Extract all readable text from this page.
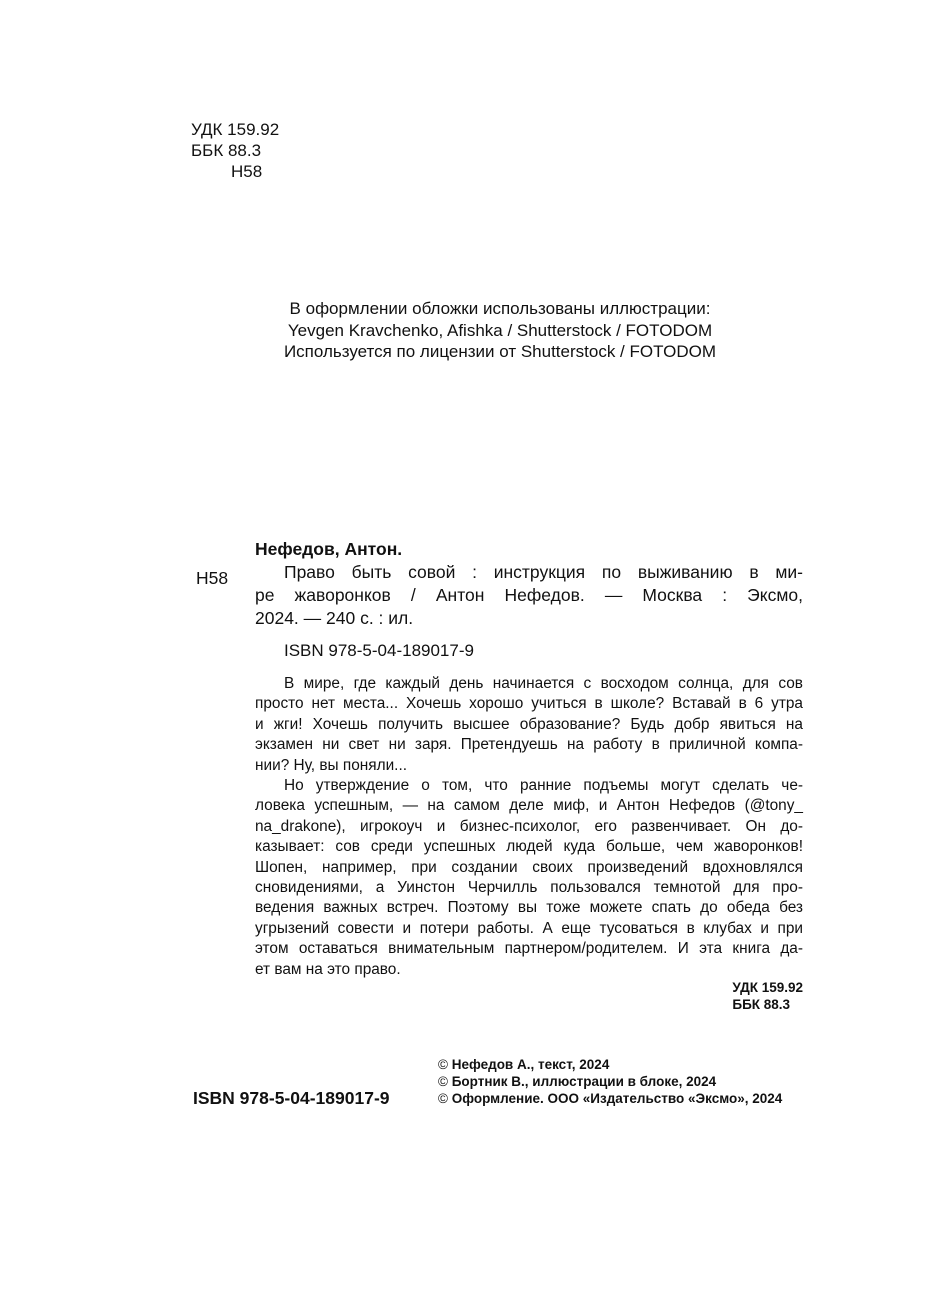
УДК 159.92
ББК 88.3
Н58
В оформлении обложки использованы иллюстрации:
Yevgen Kravchenko, Afishka / Shutterstock / FOTODOM
Используется по лицензии от Shutterstock / FOTODOM
Н58
Нефедов, Антон.
Право быть совой : инструкция по выживанию в ми-
ре жаворонков / Антон Нефедов. — Москва : Эксмо,
2024. — 240 с. : ил.
ISBN 978-5-04-189017-9
В мире, где каждый день начинается с восходом солнца, для сов
просто нет места... Хочешь хорошо учиться в школе? Вставай в 6 утра
и жги! Хочешь получить высшее образование? Будь добр явиться на
экзамен ни свет ни заря. Претендуешь на работу в приличной компа-
нии? Ну, вы поняли...
Но утверждение о том, что ранние подъемы могут сделать че-
ловека успешным, — на самом деле миф, и Антон Нефедов (@tony_
na_drakone), игрокоуч и бизнес-психолог, его развенчивает. Он до-
казывает: сов среди успешных людей куда больше, чем жаворонков!
Шопен, например, при создании своих произведений вдохновлялся
сновидениями, а Уинстон Черчилль пользовался темнотой для про-
ведения важных встреч. Поэтому вы тоже можете спать до обеда без
угрызений совести и потери работы. А еще тусоваться в клубах и при
этом оставаться внимательным партнером/родителем. И эта книга да-
ет вам на это право.
УДК 159.92
ББК 88.3
ISBN 978-5-04-189017-9
© Нефедов А., текст, 2024
© Бортник В., иллюстрации в блоке, 2024
© Оформление. ООО «Издательство «Эксмо», 2024
